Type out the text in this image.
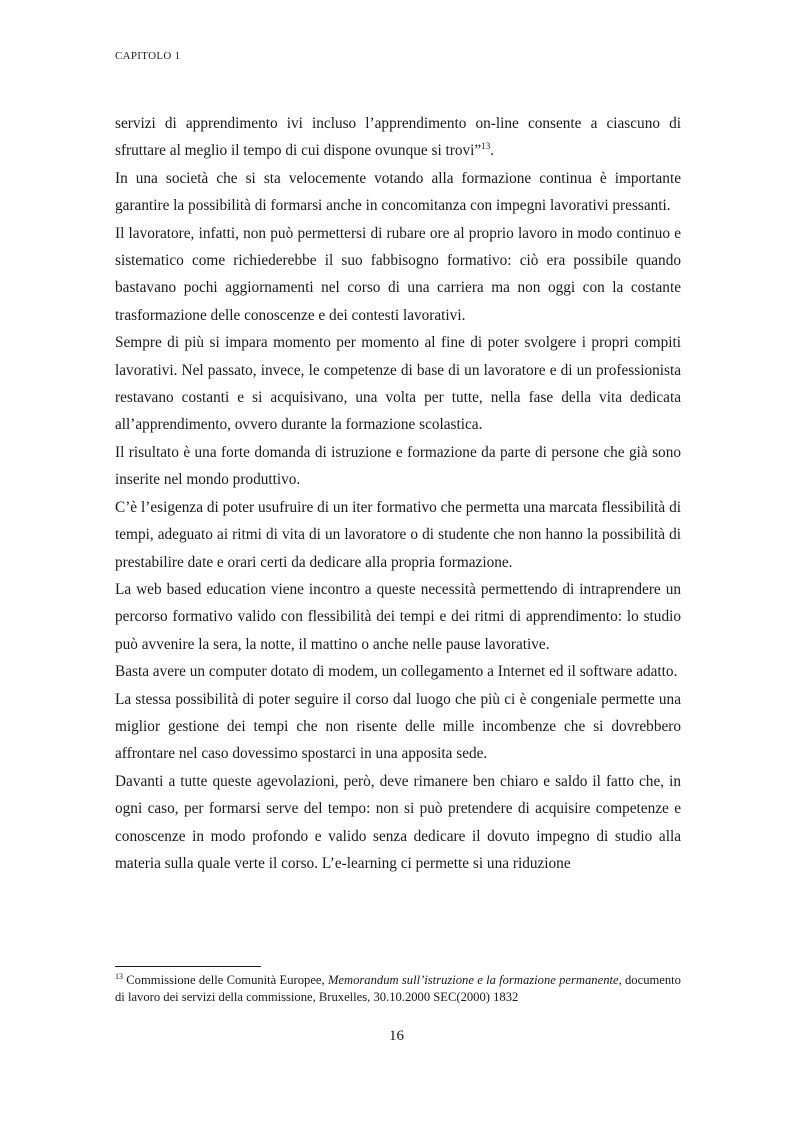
CAPITOLO 1

servizi di apprendimento ivi incluso l’apprendimento on-line consente a ciascuno di sfruttare al meglio il tempo di cui dispone ovunque si trovi”$^{13}$.

In una società che si sta velocemente votando alla formazione continua è importante garantire la possibilità di formarsi anche in concomitanza con impegni lavorativi pressanti.

Il lavoratore, infatti, non può permettersi di rubare ore al proprio lavoro in modo continuo e sistematico come richiederebbe il suo fabbisogno formativo: ciò era possibile quando bastavano pochi aggiornamenti nel corso di una carriera ma non oggi con la costante trasformazione delle conoscenze e dei contesti lavorativi.

Sempre di più si impara momento per momento al fine di poter svolgere i propri compiti lavorativi. Nel passato, invece, le competenze di base di un lavoratore e di un professionista restavano costanti e si acquisivano, una volta per tutte, nella fase della vita dedicata all’apprendimento, ovvero durante la formazione scolastica.

Il risultato è una forte domanda di istruzione e formazione da parte di persone che già sono inserite nel mondo produttivo.

C’è l’esigenza di poter usufruire di un iter formativo che permetta una marcata flessibilità di tempi, adeguato ai ritmi di vita di un lavoratore o di studente che non hanno la possibilità di prestabilire date e orari certi da dedicare alla propria formazione.

La web based education viene incontro a queste necessità permettendo di intraprendere un percorso formativo valido con flessibilità dei tempi e dei ritmi di apprendimento: lo studio può avvenire la sera, la notte, il mattino o anche nelle pause lavorative.

Basta avere un computer dotato di modem, un collegamento a Internet ed il software adatto.

La stessa possibilità di poter seguire il corso dal luogo che più ci è congeniale permette una miglior gestione dei tempi che non risente delle mille incombenze che si dovrebbero affrontare nel caso dovessimo spostarci in una apposita sede.

Davanti a tutte queste agevolazioni, però, deve rimanere ben chiaro e saldo il fatto che, in ogni caso, per formarsi serve del tempo: non si può pretendere di acquisire competenze e conoscenze in modo profondo e valido senza dedicare il dovuto impegno di studio alla materia sulla quale verte il corso. L’e-learning ci permette si una riduzione

$^{13}$ Commissione delle Comunità Europee, Memorandum sull’istruzione e la formazione permanente, documento di lavoro dei servizi della commissione, Bruxelles, 30.10.2000 SEC(2000) 1832
16
